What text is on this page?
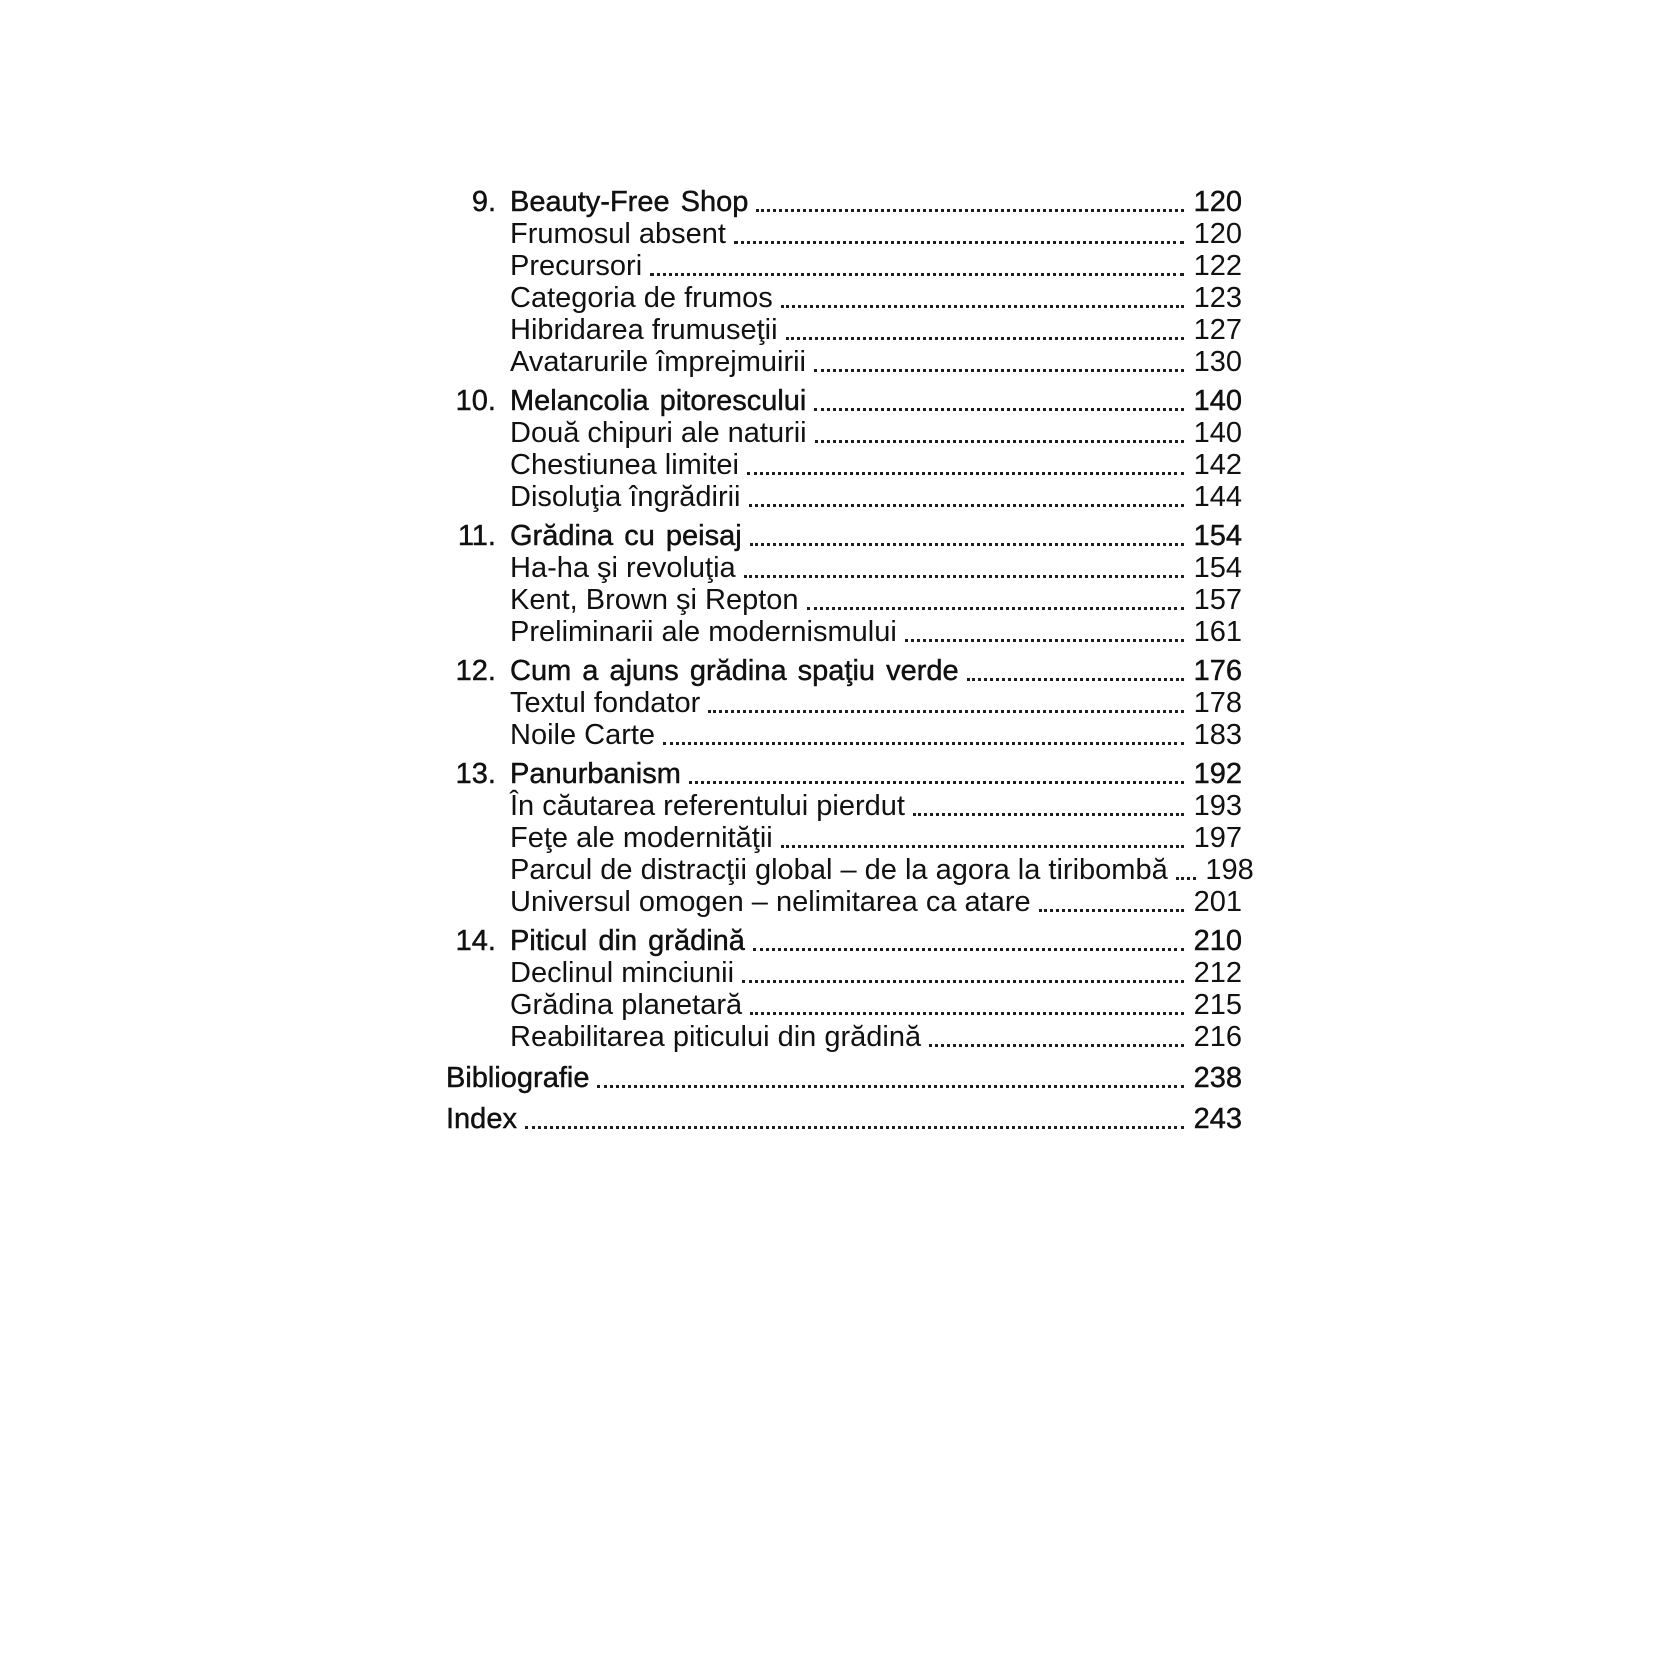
9. Beauty-Free Shop	120
Frumosul absent	120
Precursori	122
Categoria de frumos	123
Hibridarea frumuseţii	127
Avatarurile împrejmuirii	130
10. Melancolia pitorescului	140
Două chipuri ale naturii	140
Chestiunea limitei	142
Disoluţia îngrădirii	144
11. Grădina cu peisaj	154
Ha-ha şi revoluţia	154
Kent, Brown şi Repton	157
Preliminarii ale modernismului	161
12. Cum a ajuns grădina spaţiu verde	176
Textul fondator	178
Noile Carte	183
13. Panurbanism	192
În căutarea referentului pierdut	193
Feţe ale modernităţii	197
Parcul de distracţii global – de la agora la tiribombă 198
Universul omogen – nelimitarea ca atare	201
14. Piticul din grădină	210
Declinul minciunii	212
Grădina planetară	215
Reabilitarea piticului din grădină	216
Bibliografie	238
Index	243
